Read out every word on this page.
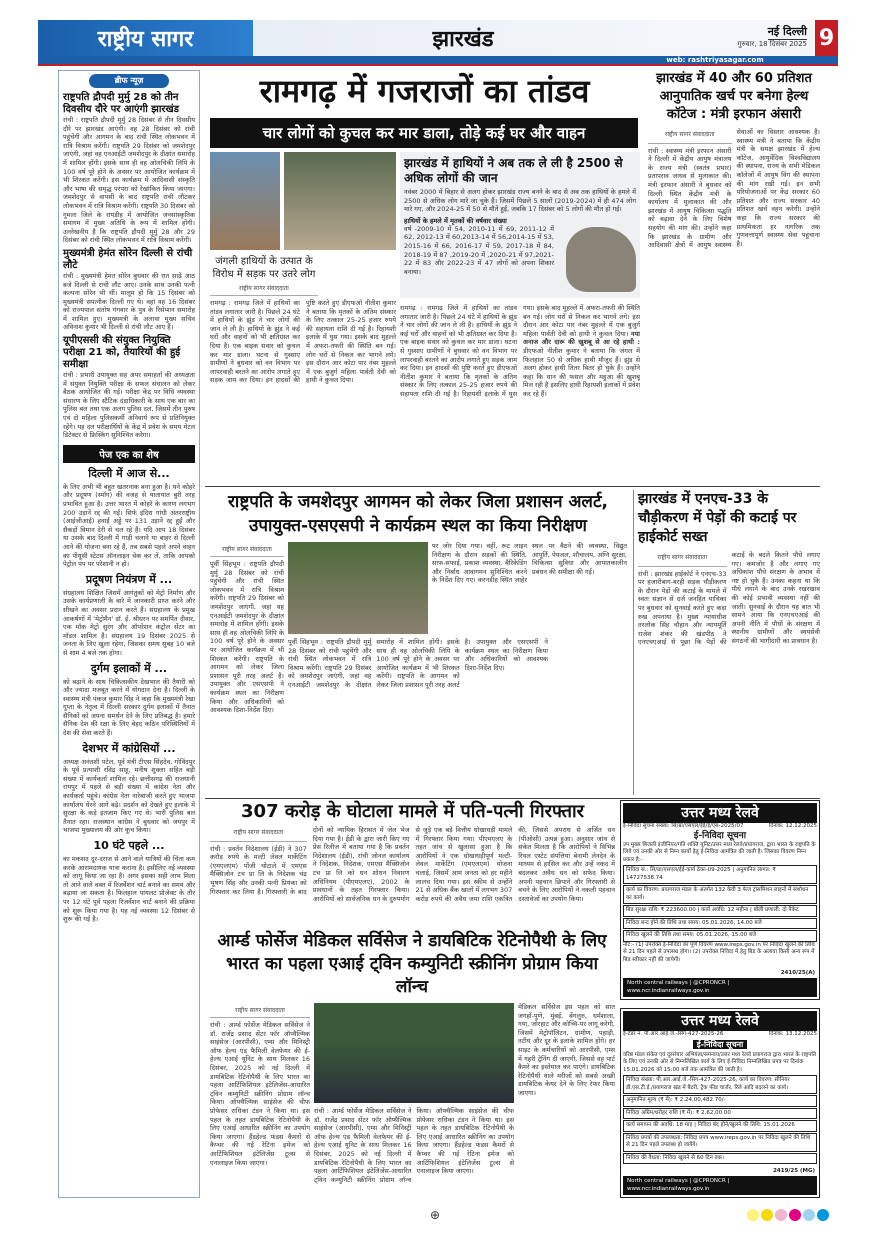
राष्ट्रीय सागर	झारखंड	नई दिल्ली
गुरुवार, 18 दिसंबर 2025 9
web: rashtriyasagar.com
ब्रीफ न्यूज़
राष्ट्रपति द्रौपदी मुर्मु 28 को तीन दिवसीय दौरे पर आएंगी झारखंड
रांची : राष्ट्रपति द्रौपदी मुर्मु 28 दिसंबर से तीन दिवसीय दौरे पर झारखंड आएंगी। वह 28 दिसंबर को रांची पहुंचेंगी और आगमन के बाद रांची स्थित लोकभवन में रात्रि विश्राम करेंगी। राष्ट्रपति 29 दिसंबर को जमशेदपुर जाएंगी, जहां वह एनआईटी जमशेदपुर के दीक्षांत समारोह में शामिल होंगी। इसके साथ ही वह ओलचिकी लिपि के 100 वर्ष पूरे होने के अवसर पर आयोजित कार्यक्रम में भी शिरकत करेंगी। इस कार्यक्रम में आदिवासी संस्कृति और भाषा की समृद्ध परंपरा को रेखांकित किया जाएगा। जमशेदपुर से वापसी के बाद राष्ट्रपति रांची लौटकर लोकभवन में रात्रि विश्राम करेंगी। राष्ट्रपति 30 दिसंबर को गुमला जिले के रायडीह में आयोजित जनसांस्कृतिक समागम में मुख्य अतिथि के रूप में शामिल होंगी। उल्लेखनीय है कि राष्ट्रपति द्रौपदी मुर्मु 28 और 29 दिसंबर को रांची स्थित लोकभवन में रात्रि विश्राम करेंगी।
मुख्यमंत्री हेमंत सोरेन दिल्ली से रांची लौटे
रांची : मुख्यमंत्री हेमंत सोरेन बुधवार की रात साढ़े आठ बजे दिल्ली से रांची लौट आए। उनके साथ उनकी पत्नी कल्पना सोरेन भी थीं। मालूम हो कि 15 दिसंबर को मुख्यमंत्री सपत्नीक दिल्ली गए थे। वहां वह 16 दिसंबर को राज्यपाल संतोष गंगवार के पुत्र के रिसेप्शन समारोह में शामिल हुए। मुख्यमंत्री के अलावा मुख्य सचिव अविनाश कुमार भी दिल्ली से रांची लौट आए हैं।
यूपीएससी की संयुक्त नियुक्ति परीक्षा 21 को, तैयारियों की हुई समीक्षा
रांची : प्रभारी उपायुक्त सह अपर समाहर्ता की अध्यक्षता में संयुक्त नियुक्ति परीक्षा के सफल संचालन को लेकर बैठक आयोजित की गई। परीक्षा केंद्र पर विधि व्यवस्था संधारण के लिए स्टैटिक दंडाधिकारी के साथ एक बार का पुलिस बल तथा एक अलग पुलिस दल, जिसमें तीन पुरुष एवं दो महिला पुलिसकर्मी अनिवार्य रूप से प्रतिनियुक्त रहेंगे। यह दल परीक्षार्थियों के केंद्र में प्रवेश के समय मेटल डिटेक्टर से फ्रिस्किंग सुनिश्चित करेगा।
पेज एक का शेष
दिल्ली में आज से...
के लिए अभी भी बहुत खतरनाक बना हुआ है। घने कोहरे और प्रदूषण (स्मॉग) की वजह से यातायात बुरी तरह प्रभावित हुआ है। उत्तर भारत में कोहरे के कारण लगभग 200 उड़ानें रद्द की गईं। सिर्फ इंदिरा गांधी अंतरराष्ट्रीय (आईजीआई) हवाई अड्डे पर 131 उड़ानें रद्द हुईं और सैकड़ों विमान देरी से चल रहे हैं। यदि आप 18 दिसंबर या उसके बाद दिल्ली में गाड़ी चलाने या बाहर से दिल्ली आने की योजना बना रहे हैं, तब सबसे पहले अपने वाहन का पीयूसी स्टेटस ऑनलाइन चेक कर लें, ताकि आपको पेट्रोल पंप पर परेशानी न हो।
प्रदूषण नियंत्रण में ...
संग्रहालय शिक्षित जिसमें आगंतुकों को मेट्रो निर्माण और उसके कार्यप्रणाली के बारे में जानकारी प्राप्त करने और सीखने का अवसर प्रदान करते हैं। संग्रहालय के प्रमुख आकर्षणों में 'मेट्रोमैन' डॉ. ई. श्रीधरन पर समर्पित दीवार, एक मॉक मेट्रो सुरंग और ऑपरेशन कंट्रोल सेंटर का मॉडल शामिल है। संग्रहालय 19 दिसंबर 2025 से जनता के लिए खुला रहेगा, जिसका समय सुबह 10 बजे से शाम 4 बजे तक होगा।
दुर्गम इलाकों में ...
को बढ़ाने के साथ चिकित्सकीय देखभाल की तैयारी को और ज्यादा मजबूत करने में योगदान देना है। दिल्ली के स्वास्थ्य मंत्री पंकज कुमार सिंह ने कहा कि मुख्यमंत्री रेखा गुप्ता के नेतृत्व में दिल्ली सरकार दुर्गम इलाकों में तैनात सैनिकों को अपना समर्थन देने के लिए प्रतिबद्ध है। हमारे सैनिक देश की रक्षा के लिए बेहद कठिन परिस्थितियों में देश की सेवा करते हैं।
देशभर में कांग्रेसियों ...
अध्यक्ष अनंतशी पटेल, पूर्व मंत्री टीएस सिंहदेव, गोविंदपुर के पूर्व प्रत्याशी रविंद्र साहू, मनीष शुक्ला सहित बड़ी संख्या में कार्यकर्ता शामिल रहे। छत्तीसगढ़ की राजधानी रायपुर में पहले से बड़ी संख्या में कांग्रेस नेता और कार्यकर्ता पहुंचे। कांग्रेस नेता नारेबाजी करते हुए भाजपा कार्यालय घेरने आगे बढ़े। प्रदर्शन को देखते हुए इलाके में सुरक्षा के कड़े इंतजाम किए गए थे। भारी पुलिस बल तैनात रहा। राजस्थान कांग्रेस ने बुधवार को जयपुर में भाजपा मुख्यालय की ओर कूच किया।
10 घंटे पहले ...
का मकसद दूर-दराज से आने वाले यात्रियों की चिंता कम करके आरामदायक यात्रा कराना है। इसीलिए नई व्यवस्था को लागू किया जा रहा है। अगर इसका सही लाभ मिला तो आने वाले वक्त में रिजर्वेशन चार्ट बनाने का समय और बढ़ाया जा सकता है। फिलहाल पायलट प्रोजेक्ट के तौर पर 12 घंटे पूर्व पहला रिजर्वेशन चार्ट बनाने की प्रक्रिया को शुरू किया गया है। यह नई व्यवस्था 12 दिसंबर से शुरू की गई है।
रामगढ़ में गजराजों का तांडव
चार लोगों को कुचल कर मार डाला, तोड़े कई घर और वाहन
झारखंड में हाथियों ने अब तक ले ली है 2500 से अधिक लोगों की जान
नवंबर 2000 में बिहार से अलग होकर झारखंड राज्य बनने के बाद से अब तक हाथियों के हमले में 2500 से अधिक लोग मारे जा चुके हैं। जिसमें पिछले 5 सालों (2019-2024) में ही 474 लोग मारे गए, और 2024-25 में 50 से मौतें हुईं, जबकि 17 दिसंबर को 5 लोगों की मौत हो गई।
हाथियों के हमले में मृतकों की वर्षवार संख्या
वर्ष -2009-10 में 54, 2010-11 में 69, 2011-12 में 62, 2012-13 में 60,2013-14 में 56,2014-15 में 53, 2015-16 में 66, 2016-17 में 59, 2017-18 में 84, 2018-19 में 87 ,2019-20 में ,2020-21 में 97,2021-22 में 83 और 2022-23 में 47 लोगों को अपना शिकार बनाया।
जंगली हाथियों के उत्पात के विरोध में सड़क पर उतरे लोग
राष्ट्रीय सागर संवाददाता
रामगढ़ : रामगढ़ जिले में हाथियों का तांडव लगातार जारी है। पिछले 24 घंटे में हाथियों के झुंड ने चार लोगों की जान ले ली है। हाथियों के झुंड ने कई घरों और वाहनों को भी क्षतिग्रस्त कर दिया है। एक बाइक सवार को कुचल कर मार डाला। घटना से गुस्साए ग्रामीणों ने बुधवार को वन विभाग पर लापरवाही बरतने का आरोप लगाते हुए सड़क जाम कर दिया। इन हादसों की पुष्टि करते हुए डीएफओ नीतीश कुमार ने बताया कि मृतकों के अंतिम संस्कार के लिए तत्काल 25-25 हजार रुपये की सहायता राशि दी गई है। रिहायशी इलाके में घुस गया। इसके बाद मुहल्ले में अफरा-तफरी की स्थिति बन गई। लोग घरों से निकल कर भागने लगे। इस दौरान आर कोटा पार नंबर मुहल्ले में एक बुजुर्ग महिला पार्वती देवी को हाथी ने कुचल दिया।
रामगढ़ : रामगढ़ जिले में हाथियों का तांडव लगातार जारी है। पिछले 24 घंटे में हाथियों के झुंड ने चार लोगों की जान ले ली है। हाथियों के झुंड ने कई घरों और वाहनों को भी क्षतिग्रस्त कर दिया है। एक बाइक सवार को कुचल कर मार डाला। घटना से गुस्साए ग्रामीणों ने बुधवार को वन विभाग पर लापरवाही बरतने का आरोप लगाते हुए सड़क जाम कर दिया। इन हादसों की पुष्टि करते हुए डीएफओ नीतीश कुमार ने बताया कि मृतकों के अंतिम संस्कार के लिए तत्काल 25-25 हजार रुपये की सहायता राशि दी गई है। रिहायशी इलाके में घुस गया। इसके बाद मुहल्ले में अफरा-तफरी की स्थिति बन गई। लोग घरों से निकल कर भागने लगे। इस दौरान आर कोटा पार नंबर मुहल्ले में एक बुजुर्ग महिला पार्वती देवी को हाथी ने कुचल दिया। नया अनाज और दारू की खुशबू से आ रहे हाथी : डीएफओ नीतीश कुमार ने बताया कि जंगल में फिलहाल 50 से अधिक हाथी मौजूद हैं। झुंड से अलग होकर हाथी तितर बितर हो चुके हैं। उन्होंने कहा कि धान की फसल और महुआ की खुशबू मिल रही है इसलिए हाथी रिहायशी इलाकों में प्रवेश कर रहे हैं।
झारखंड में 40 और 60 प्रतिशत आनुपातिक खर्च पर बनेगा हेल्थ कॉटेज : मंत्री इरफान अंसारी
राष्ट्रीय सागर संवाददाता
रांची : स्वास्थ्य मंत्री इरफान अंसारी ने दिल्ली में केंद्रीय आयुष मंत्रालय के राज्य मंत्री (स्वतंत्र प्रभार) प्रतापराव जाधव से मुलाकात की। मंत्री इरफान अंसारी ने बुधवार को दिल्ली स्थित केंद्रीय मंत्री के कार्यालय में मुलाकात की और झारखंड में आयुष चिकित्सा पद्धति को बढ़ावा देने के लिए विशेष सहयोग की मांग की। उन्होंने कहा कि झारखंड के ग्रामीण और आदिवासी क्षेत्रों में आयुष स्वास्थ्य सेवाओं का विस्तार आवश्यक है। स्वास्थ्य मंत्री ने बताया कि केंद्रीय मंत्री के समक्ष झारखंड में हेल्थ कॉटेज, आयुर्वेदिक विश्वविद्यालय की स्थापना, राज्य के सभी मेडिकल कॉलेजों में आयुष विंग की स्थापना की मांग रखी गई। इन सभी परियोजनाओं पर केंद्र सरकार 60 प्रतिशत और राज्य सरकार 40 प्रतिशत खर्च वहन करेगी। उन्होंने कहा कि राज्य सरकार की प्राथमिकता हर नागरिक तक गुणवत्तापूर्ण स्वास्थ्य सेवा पहुंचाना है।
राष्ट्रपति के जमशेदपुर आगमन को लेकर जिला प्रशासन अलर्ट, उपायुक्त-एसएसपी ने कार्यक्रम स्थल का किया निरीक्षण
राष्ट्रीय सागर संवाददाता
पूर्वी सिंहभूम : राष्ट्रपति द्रौपदी मुर्मु 28 दिसंबर को रांची पहुंचेंगी और रांची स्थित लोकभवन में रात्रि विश्राम करेंगी। राष्ट्रपति 29 दिसंबर को जमशेदपुर जाएंगी, जहां वह एनआईटी जमशेदपुर के दीक्षांत समारोह में शामिल होंगी। इसके साथ ही वह ओलचिकी लिपि के 100 वर्ष पूरे होने के अवसर पर आयोजित कार्यक्रम में भी शिरकत करेंगी। राष्ट्रपति के आगमन को लेकर जिला प्रशासन पूरी तरह अलर्ट है। उपायुक्त और एसएसपी ने कार्यक्रम स्थल का निरीक्षण किया और अधिकारियों को आवश्यक दिशा-निर्देश दिए।
पूर्वी सिंहभूम : राष्ट्रपति द्रौपदी मुर्मु 28 दिसंबर को रांची पहुंचेंगी और रांची स्थित लोकभवन में रात्रि विश्राम करेंगी। राष्ट्रपति 29 दिसंबर को जमशेदपुर जाएंगी, जहां वह एनआईटी जमशेदपुर के दीक्षांत समारोह में शामिल होंगी। इसके साथ ही वह ओलचिकी लिपि के 100 वर्ष पूरे होने के अवसर पर आयोजित कार्यक्रम में भी शिरकत करेंगी। राष्ट्रपति के आगमन को लेकर जिला प्रशासन पूरी तरह अलर्ट है। उपायुक्त और एसएसपी ने कार्यक्रम स्थल का निरीक्षण किया और अधिकारियों को आवश्यक दिशा-निर्देश दिए।
पर जोर दिया गया। वहीं, रूट लाइन निरीक्षण के दौरान सड़कों की स्थिति, साफ-सफाई, प्रकाश व्यवस्था, बैरिकेडिंग और निर्बाध आवागमन सुनिश्चित करने के निर्देश दिए गए। करनडीह स्थित जाहेर स्थल पर बैठने की व्यवस्था, विद्युत आपूर्ति, पेयजल, शौचालय, अग्नि सुरक्षा, चिकित्सा सुविधा और आपातकालीन प्रबंधन की समीक्षा की गई।
झारखंड में एनएच-33 के चौड़ीकरण में पेड़ों की कटाई पर हाईकोर्ट सख्त
राष्ट्रीय सागर संवाददाता
रांची : झारखंड हाईकोर्ट ने एनएच-33 पर हजारीबाग-बरही सड़क चौड़ीकरण के दौरान पेड़ों की कटाई के मामले में स्वतः संज्ञान से दर्ज जनहित याचिका पर बुधवार को सुनवाई करते हुए कड़ा रुख अपनाया है। मुख्य न्यायाधीश तरलोक सिंह चौहान और न्यायमूर्ति राजेश शंकर की खंडपीठ ने एनएचएआई से पूछा कि पेड़ों की कटाई के बदले कितने पौधे लगाए गए। कमजोर है और लगाए गए अधिकांश पौधे संरक्षण के अभाव में नष्ट हो चुके हैं। उनका कहना था कि पौधे लगाने के बाद उनके रखरखाव की कोई प्रभावी व्यवस्था नहीं की जाती। सुनवाई के दौरान यह बात भी सामने आया कि एनएचएआई की अपनी नीति में पौधों के संरक्षण में स्थानीय ग्रामीणों और स्वयंसेवी संगठनों की भागीदारी का प्रावधान है।
307 करोड़ के घोटाला मामले में पति-पत्नी गिरफ्तार
राष्ट्रीय सागर संवाददाता
रांची : प्रवर्तन निदेशालय (ईडी) ने 307 करोड़ रुपये के मल्टी लेवल मार्केटिंग (एमएलएम) पोंजी घोटाले में एमएस मैक्सिजोन टच प्रा लि के निदेशक चंद्र भूषण सिंह और उनकी पत्नी प्रियंका को गिरफ्तार कर लिया है। गिरफ्तारी के बाद दोनों को न्यायिक हिरासत में जेल भेज दिया गया है। ईडी के द्वारा जारी किए गए प्रेस रिलीज में बताया गया है कि प्रवर्तन निदेशालय (ईडी), रांची जोनल कार्यालय ने निदेशक, निदेशक, एमएस मैक्सिजोन टच प्रा लि को धन शोधन निवारण अधिनियम (पीएमएलए), 2002 के प्रावधानों के तहत गिरफ्तार किया। आरोपियों को सार्वजनिक धन के दुरुपयोग से जुड़े एक बड़े वित्तीय धोखाधड़ी मामले में गिरफ्तार किया गया। पीएमएलए के तहत जांच से खुलासा हुआ है कि आरोपियों ने एक धोखाधड़ीपूर्ण मल्टी-लेवल मार्केटिंग (एमएलएम) योजना चलाई, जिसमें आम जनता को हर महीने लालच दिया गया। इस स्कीम से उन्होंने 21 से अधिक बैंक खातों में लगभग 307 करोड़ रुपये की अवैध जमा राशि एकत्रित की, जिससे अपराध से अर्जित धन (पीओसी) उत्पन्न हुआ। अनुसार जांच से संकेत मिलता है कि आरोपियों ने विभिन्न रियल एस्टेट संपत्तियां बेनामी लेनदेन के माध्यम से हासिल कर और उन्हें नकद में बदलकर अवैध धन को सफेद किया। अपनी पहचान छिपाने और गिरफ्तारी से बचने के लिए आरोपियों ने नकली पहचान दस्तावेजों का उपयोग किया।
आर्म्ड फोर्सेज मेडिकल सर्विसेज ने डायबिटिक रेटिनोपैथी के लिए भारत का पहला एआई ट्विन कम्युनिटी स्क्रीनिंग प्रोग्राम किया लॉन्च
राष्ट्रीय सागर संवाददाता
रांची : आर्म्ड फोर्सेज मेडिकल सर्विसेज ने डॉ. राजेंद्र प्रसाद सेंटर फॉर ऑप्थैल्मिक साइंसेज (आरपीसी), एम्स और मिनिस्ट्री ऑफ हेल्थ एंड फैमिली वेलफेयर की ई-हेल्थ एआई यूनिट के साथ मिलकर 16 दिसंबर, 2025 को नई दिल्ली में डायबिटिक रेटिनोपैथी के लिए भारत का पहला आर्टिफिशियल इंटेलिजेंस-आधारित ट्विन कम्युनिटी स्क्रीनिंग प्रोग्राम लॉन्च किया। ऑफ्थैल्मिक साइंसेज की चीफ प्रोफेसर राधिका टंडन ने किया था। इस पहल के तहत डायबिटिक रेटिनोपैथी के लिए एआई आधारित स्क्रीनिंग का उपयोग किया जाएगा। हैंडहेल्ड फंडस कैमरों से कैप्चर की गई रेटिना इमेज को आर्टिफिशियल इंटेलिजेंस टूल्स से एनालाइज किया जाएगा।
रांची : आर्म्ड फोर्सेज मेडिकल सर्विसेज ने डॉ. राजेंद्र प्रसाद सेंटर फॉर ऑप्थैल्मिक साइंसेज (आरपीसी), एम्स और मिनिस्ट्री ऑफ हेल्थ एंड फैमिली वेलफेयर की ई-हेल्थ एआई यूनिट के साथ मिलकर 16 दिसंबर, 2025 को नई दिल्ली में डायबिटिक रेटिनोपैथी के लिए भारत का पहला आर्टिफिशियल इंटेलिजेंस-आधारित ट्विन कम्युनिटी स्क्रीनिंग प्रोग्राम लॉन्च किया। ऑफ्थैल्मिक साइंसेज की चीफ प्रोफेसर राधिका टंडन ने किया था। इस पहल के तहत डायबिटिक रेटिनोपैथी के लिए एआई आधारित स्क्रीनिंग का उपयोग किया जाएगा। हैंडहेल्ड फंडस कैमरों से कैप्चर की गई रेटिना इमेज को आर्टिफिशियल इंटेलिजेंस टूल्स से एनालाइज किया जाएगा।
मेडिकल सर्विसेज इस पहल को सात जगहों-पुणे, मुंबई, बेंगलुरु, धर्मशाला, गया, जोरहाट और कोच्चि-पर लागू करेगी, जिसमें मेट्रोपॉलिटन, ग्रामीण, पहाड़ी, तटीय और दूर के इलाके शामिल होंगे। हर साइट के कर्मचारियों को आरपीसी, एम्स में गहरी ट्रेनिंग दी जाएगी, जिससे वह पार्ट कैमरे का इस्तेमाल कर पाएंगे। डायबिटिक रेटिनोपैथी वाले मरीजों को सबसे अच्छी डायबिटिक केयर देने के लिए रेफर किया जाएगा।
उत्तर मध्य रेलवे
ई-निविदा सूचना संख्या: सि/ग्रा/एसएल/ईई/ई/एस-2025/07	दिनांक: 12.12.2025
ई-निविदा सूचना
उप मुख्य बिजली इंजीनियर/गति शक्ति यूनिट/उत्तर मध्य रेलवे/प्रयागराज, द्वारा भारत के राष्ट्रपति के लिये एवं उनकी ओर से निम्न कार्यों हेतु ई-निविदा आमंत्रित की जाती है। जिसका विवरण निम्न प्रकार है:-
निविदा सं.: सि/ग्रा/एसएल/ईई-कार्य ठेका-09-2025 | अनुमानित लागत: ₹ 14727538.74
कार्य का विवरण: प्रयागराज मंडल के अंतर्गत 132 केवी 3 फेज ट्रांसमिशन लाइनों में संशोधन का कार्य।
बिड सुरक्षा राशि: ₹ 223600.00 | कार्य अवधि: 12 महीना | बोली प्रणाली: दो पैकेट
निविदा बन्द होने की तिथि तथा समय: 05.01.2026, 14.00 बजे
निविदा खुलने की तिथि तथा समय: 05.01.2026, 15.00 बजे
नोट:- (1) उपरोक्त ई-निविदा का पूर्ण विवरण www.ireps.gov.in पर निविदा खुलने की तिथि से 21 दिन पहले से उपलब्ध होगा। (2) उपरोक्त निविदा में हेतु बिड के अलावा किसी अन्य रूप में बिड स्वीकार नहीं की जायेगी।
2410/25(A)
North central railways | @CPRONCR | www.ncr.indianrailways.gov.in
उत्तर मध्य रेलवे
ई-टेंडर नं. पी.आर.आई.जे.-सिग-427-2025-26	दिनांक: 13.12.2025
ई-निविदा सूचना
वरिष्ठ मंडल संकेत एवं दूरसंचार अभियंता/समन्वय/उत्तर मध्य रेलवे प्रयागराज द्वारा भारत के राष्ट्रपति के लिए एवं उनकी ओर से निम्नलिखित कार्य के लिए ई-निविदा निम्नलिखित प्रपत्र पर दिनांक 15.01.2026 को 15:00 बजे तक आमंत्रित की जाती है।
निविदा संख्या: पी.आर.आई.जे.-सिग-427-2025-26, कार्य का विवरण: सीनियर डी.एस.टी.ई./प्रयागराज खंड में बैटरी, ट्रैक फीड चार्जर, रिले आदि बदलने का कार्य।
अनुमानित मूल्य (₹ में): ₹ 2,24,00,482.70/-
निविदा अग्रिम/धरोहर राशि (₹ में): ₹ 2,62,00.00
कार्य समापन की अवधि: 18 माह | निविदा बंद होने/खुलने की तिथि: 15.01.2026
निविदा प्रपत्रों की उपलब्धता: निविदा प्रपत्र www.ireps.gov.in पर निविदा खुलने की तिथि से 21 दिन पहले उपलब्ध हो जायेंगे।
निविदा की वैधता: निविदा खुलने से 60 दिन तक।
2419/25 (MG)
North central railways | @CPRONCR | www.ncr.indianrailways.gov.in
⊕
